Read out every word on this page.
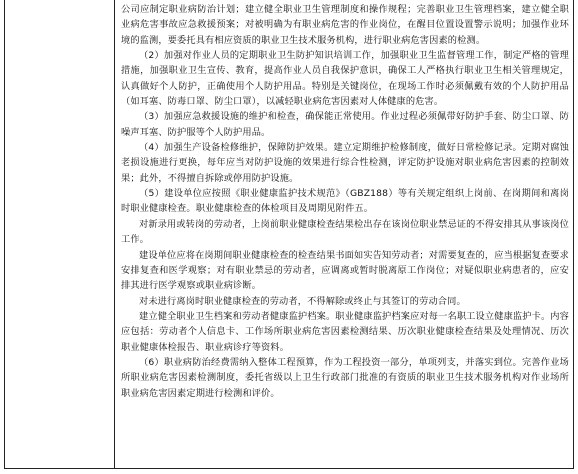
公司应制定职业病防治计划；建立健全职业卫生管理制度和操作规程；完善职业卫生管理档案，建立健全职业病危害事故应急救援预案；对被明确为有职业病危害的作业岗位，在醒目位置设置警示说明；加强作业环境的监测，要委托具有相应资质的职业卫生技术服务机构，进行职业病危害因素的检测。

（2）加强对作业人员的定期职业卫生防护知识培训工作，加强职业卫生监督管理工作，制定严格的管理措施，加强职业卫生宣传、教育，提高作业人员自我保护意识，确保工人严格执行职业卫生相关管理规定，认真做好个人防护，正确使用个人防护用品。特别是关键岗位，在现场工作时必须佩戴有效的个人防护用品（如耳塞、防毒口罩、防尘口罩），以减轻职业病危害因素对人体健康的危害。

（3）加强应急救援设施的维护和检查，确保能正常使用。作业过程必须佩带好防护手套、防尘口罩、防噪声耳塞、防护服等个人防护用品。

（4）加强生产设备检修维护，保障防护效果。建立定期维护检修制度，做好日常检修记录。定期对腐蚀老损设施进行更换，每年应当对防护设施的效果进行综合性检测，评定防护设施对职业病危害因素的控制效果；此外，不得擅自拆除或停用防护设施。

（5）建设单位应按照《职业健康监护技术规范》（GBZ188）等有关规定组织上岗前、在岗期间和离岗时职业健康检查。职业健康检查的体检项目及周期见附件五。

对新录用或转岗的劳动者，上岗前职业健康检查结果检出存在该岗位职业禁忌证的不得安排其从事该岗位工作。

建设单位应将在岗期间职业健康检查的检查结果书面如实告知劳动者；对需要复查的，应当根据复查要求安排复查和医学观察；对有职业禁忌的劳动者，应调离或暂时脱离原工作岗位；对疑似职业病患者的，应安排其进行医学观察或职业病诊断。

对未进行离岗时职业健康检查的劳动者，不得解除或终止与其签订的劳动合同。

建立健全职业卫生档案和劳动者健康监护档案。职业健康监护档案应对每一名职工设立健康监护卡。内容应包括：劳动者个人信息卡、工作场所职业病危害因素检测结果、历次职业健康检查结果及处理情况、历次职业健康体检报告、职业病诊疗等资料。

（6）职业病防治经费需纳入整体工程预算，作为工程投资一部分，单项列支，并落实到位。完善作业场所职业病危害因素检测制度，委托省级以上卫生行政部门批准的有资质的职业卫生技术服务机构对作业场所职业病危害因素定期进行检测和评价。
